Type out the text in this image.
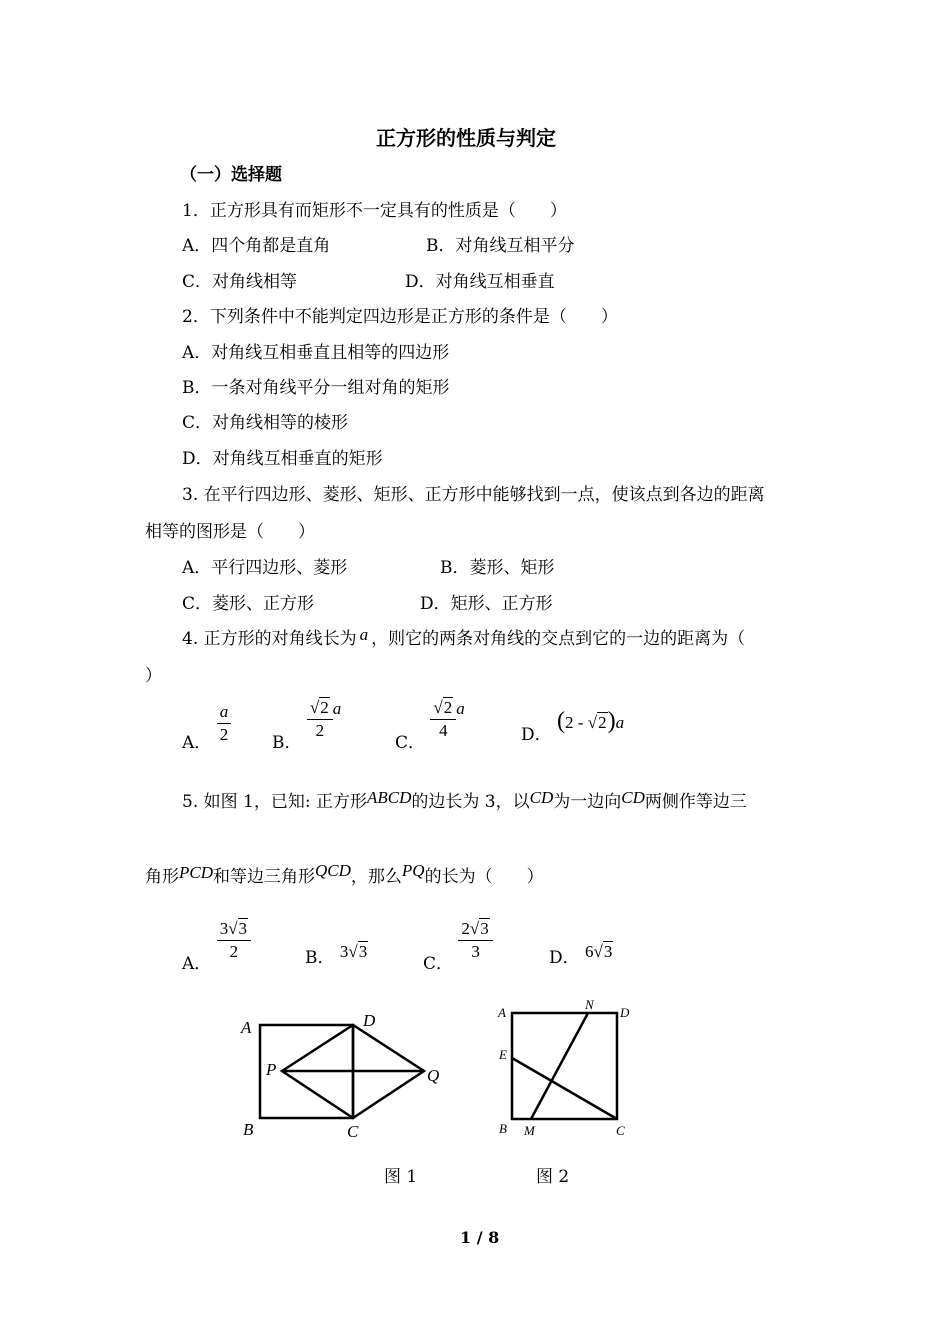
正方形的性质与判定
（一）选择题
1．正方形具有而矩形不一定具有的性质是（　　）
A．四个角都是直角	B．对角线互相平分
C．对角线相等	D．对角线互相垂直
2．下列条件中不能判定四边形是正方形的条件是（　　）
A．对角线互相垂直且相等的四边形
B．一条对角线平分一组对角的矩形
C．对角线相等的棱形
D．对角线互相垂直的矩形
3. 在平行四边形、菱形、矩形、正方形中能够找到一点，使该点到各边的距离
相等的图形是（　　）
A．平行四边形、菱形	B．菱形、矩形
C．菱形、正方形	D．矩形、正方形
4. 正方形的对角线长为 a ，则它的两条对角线的交点到它的一边的距离为（
）
A． $\frac{a}{2}$ B．
$\frac{√2}{2}$ a
C．
$\frac{√2}{4}$ a
D． (2 - √2)a
5. 如图 1，已知: 正方形ABCD的边长为 3，以CD为一边向CD两侧作等边三
角形PCD和等边三角形QCD，那么PQ的长为（　　）
A．
$\frac{3√3}{2}$	B． 3√3
C．
$\frac{2√3}{3}$	D． 6√3
A
B	C
D
P	Q
A
B	C
D
E
M
N
图 1	图 2
1 / 8
